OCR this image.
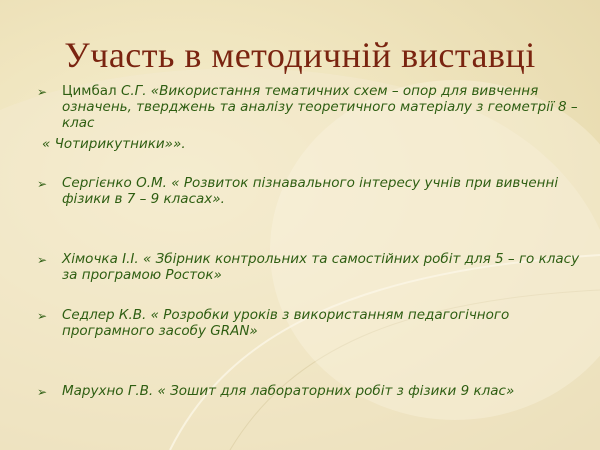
Участь в методичній виставці
➢ Цимбал С.Г. «Використання тематичних схем – опор для вивчення означень, тверджень та аналізу теоретичного матеріалу з геометрії 8 – клас
« Чотирикутники»».
➢ Сергієнко О.М. « Розвиток пізнавального інтересу учнів при вивченні фізики в 7 – 9 класах».
➢ Хімочка І.І. « Збірник контрольних та самостійних робіт для 5 – го класу за програмою Росток»
➢ Седлер К.В. « Розробки уроків з використанням педагогічного програмного засобу GRAN»
➢ Марухно Г.В. « Зошит для лабораторних робіт з фізики 9 клас»
